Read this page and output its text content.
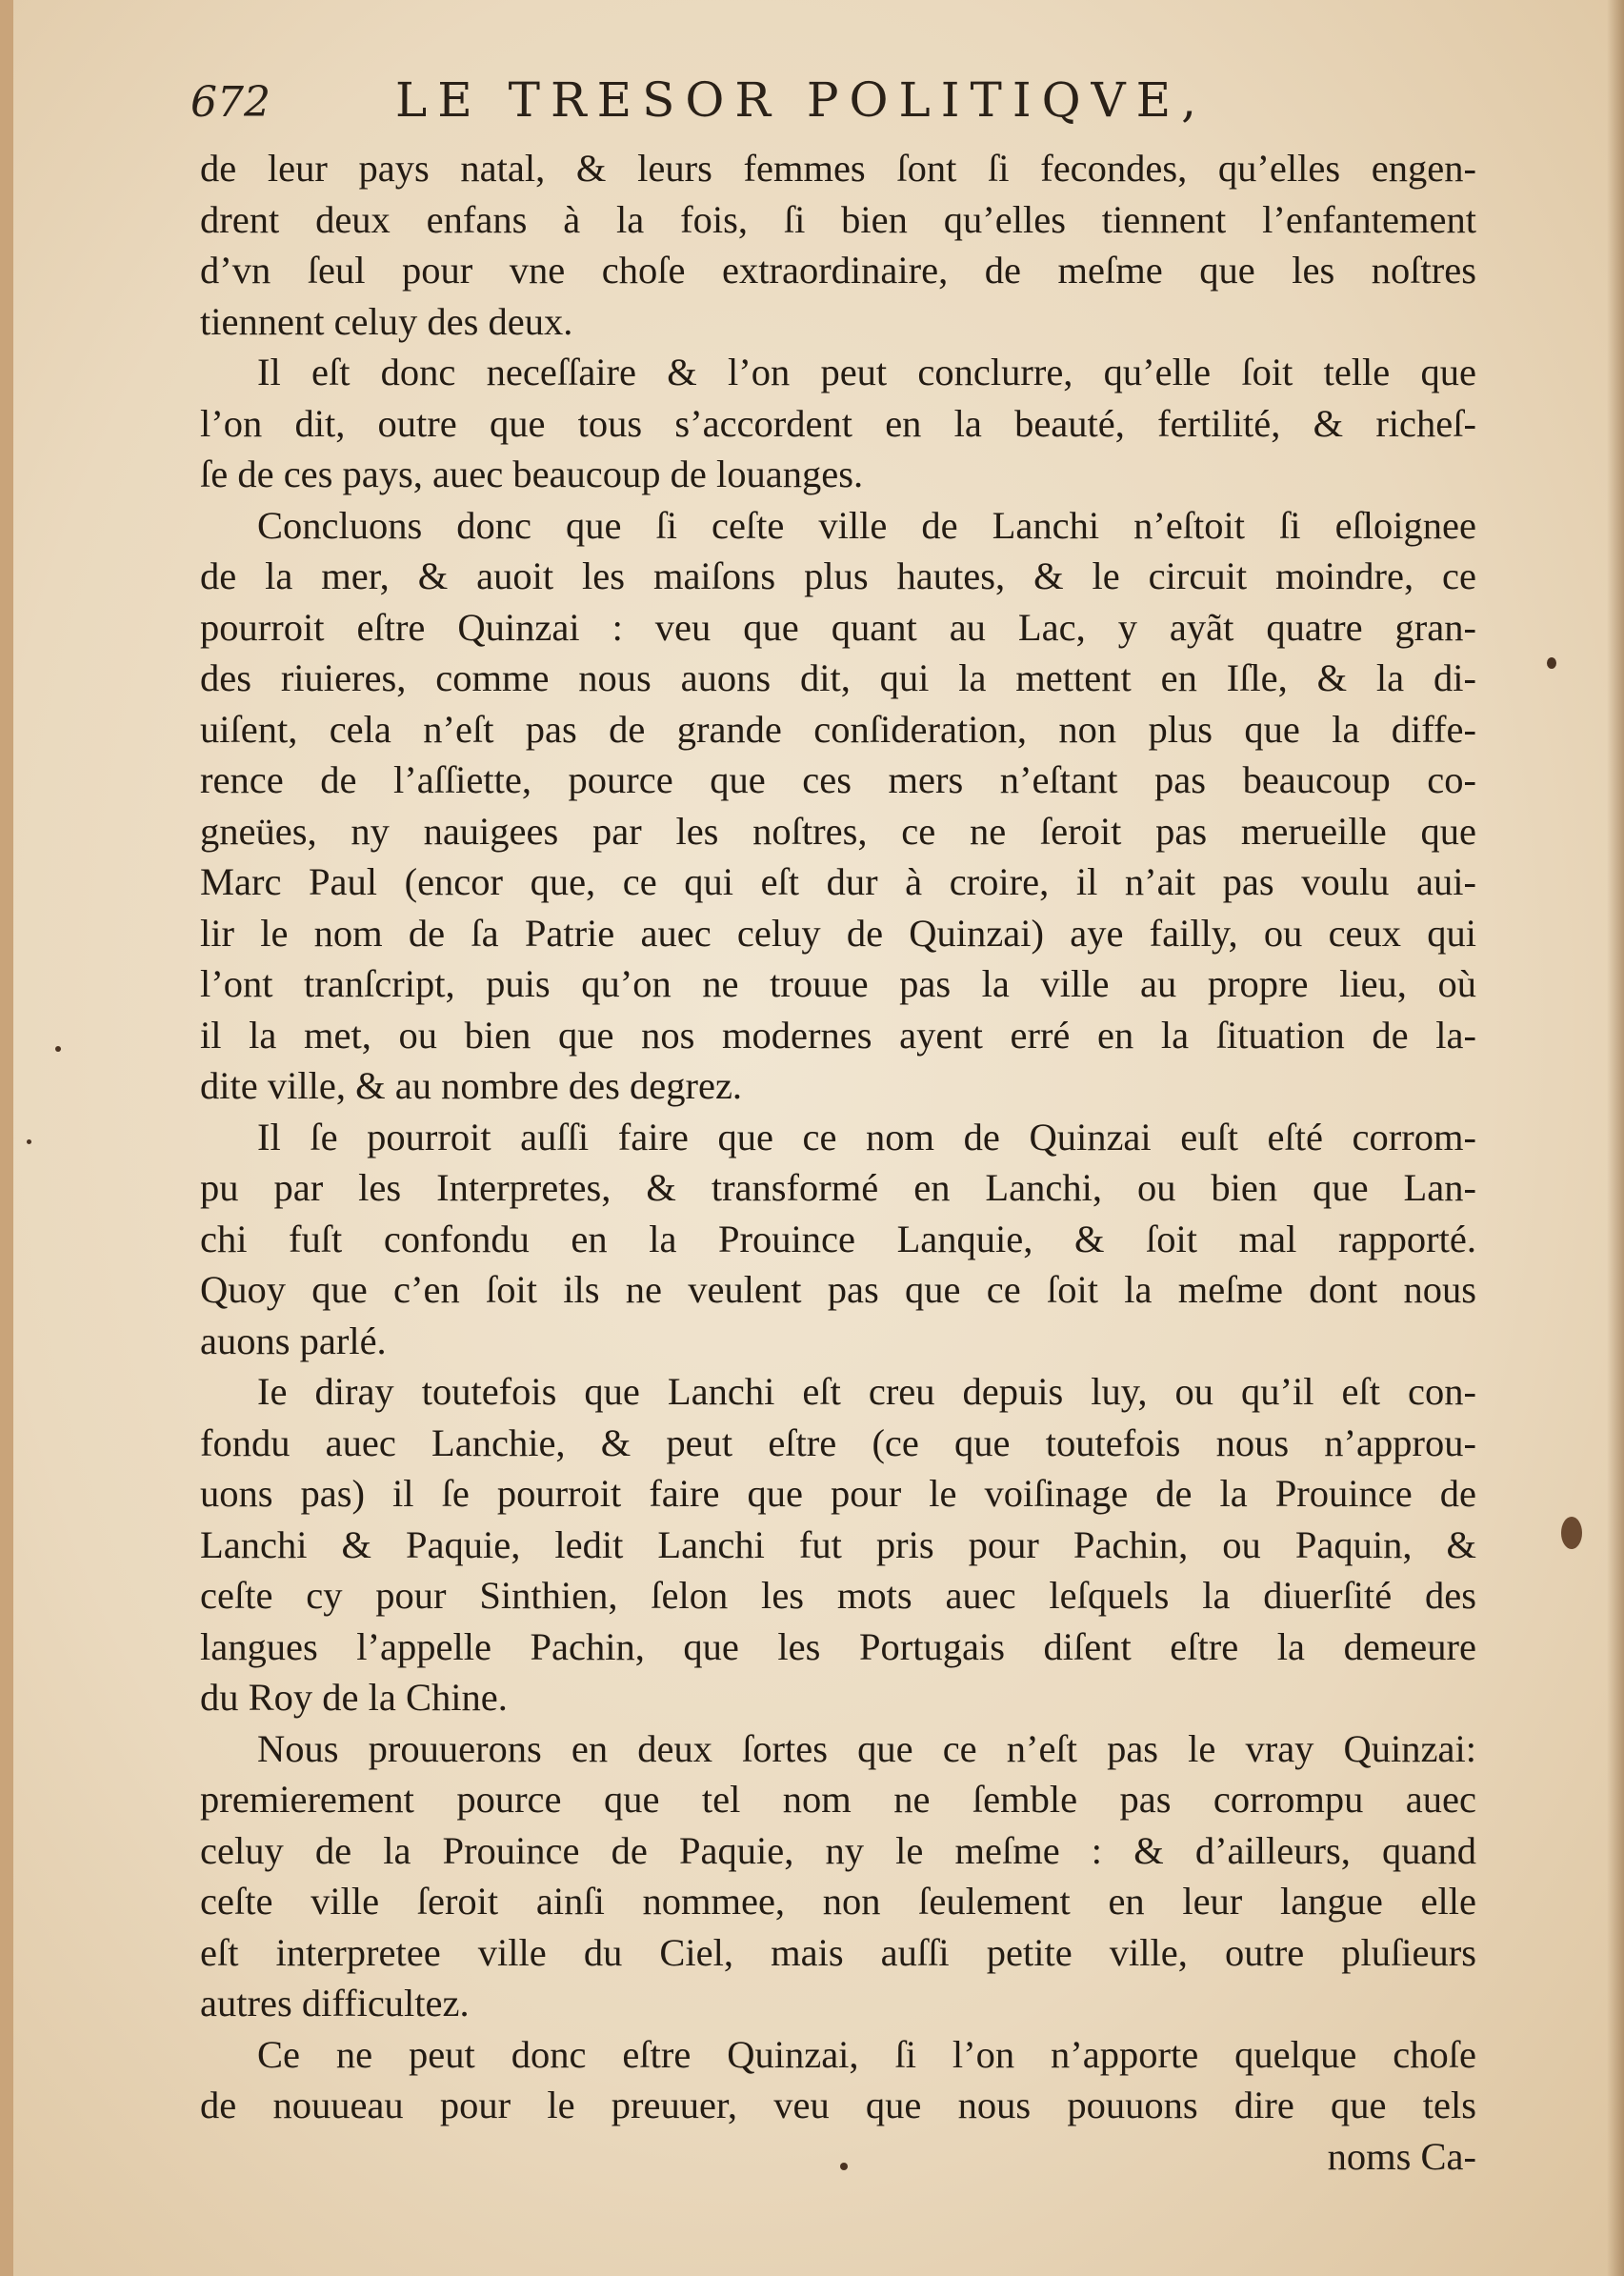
672	LE TRESOR POLITIQVE,
de leur pays natal, & leurs femmes ſont ſi fecondes, qu’elles engen-
drent deux enfans à la fois, ſi bien qu’elles tiennent l’enfantement
d’vn ſeul pour vne choſe extraordinaire, de meſme que les noſtres
tiennent celuy des deux.
Il eſt donc neceſſaire & l’on peut conclurre, qu’elle ſoit telle que
l’on dit, outre que tous s’accordent en la beauté, fertilité, & richeſ-
ſe de ces pays, auec beaucoup de louanges.
Concluons donc que ſi ceſte ville de Lanchi n’eſtoit ſi eſloignee
de la mer, & auoit les maiſons plus hautes, & le circuit moindre, ce
pourroit eſtre Quinzai : veu que quant au Lac, y ayãt quatre gran-
des riuieres, comme nous auons dit, qui la mettent en Iſle, & la di-
uiſent, cela n’eſt pas de grande conſideration, non plus que la diffe-
rence de l’aſſiette, pource que ces mers n’eſtant pas beaucoup co-
gneües, ny nauigees par les noſtres, ce ne ſeroit pas merueille que
Marc Paul (encor que, ce qui eſt dur à croire, il n’ait pas voulu aui-
lir le nom de ſa Patrie auec celuy de Quinzai) aye failly, ou ceux qui
l’ont tranſcript, puis qu’on ne trouue pas la ville au propre lieu, où
il la met, ou bien que nos modernes ayent erré en la ſituation de la-
dite ville, & au nombre des degrez.
Il ſe pourroit auſſi faire que ce nom de Quinzai euſt eſté corrom-
pu par les Interpretes, & transformé en Lanchi, ou bien que Lan-
chi fuſt confondu en la Prouince Lanquie, & ſoit mal rapporté.
Quoy que c’en ſoit ils ne veulent pas que ce ſoit la meſme dont nous
auons parlé.
Ie diray toutefois que Lanchi eſt creu depuis luy, ou qu’il eſt con-
fondu auec Lanchie, & peut eſtre (ce que toutefois nous n’approu-
uons pas) il ſe pourroit faire que pour le voiſinage de la Prouince de
Lanchi & Paquie, ledit Lanchi fut pris pour Pachin, ou Paquin, &
ceſte cy pour Sinthien, ſelon les mots auec leſquels la diuerſité des
langues l’appelle Pachin, que les Portugais diſent eſtre la demeure
du Roy de la Chine.
Nous prouuerons en deux ſortes que ce n’eſt pas le vray Quinzai:
premierement pource que tel nom ne ſemble pas corrompu auec
celuy de la Prouince de Paquie, ny le meſme : & d’ailleurs, quand
ceſte ville ſeroit ainſi nommee, non ſeulement en leur langue elle
eſt interpretee ville du Ciel, mais auſſi petite ville, outre pluſieurs
autres difficultez.
Ce ne peut donc eſtre Quinzai, ſi l’on n’apporte quelque choſe
de nouueau pour le preuuer, veu que nous pouuons dire que tels
noms Ca-
